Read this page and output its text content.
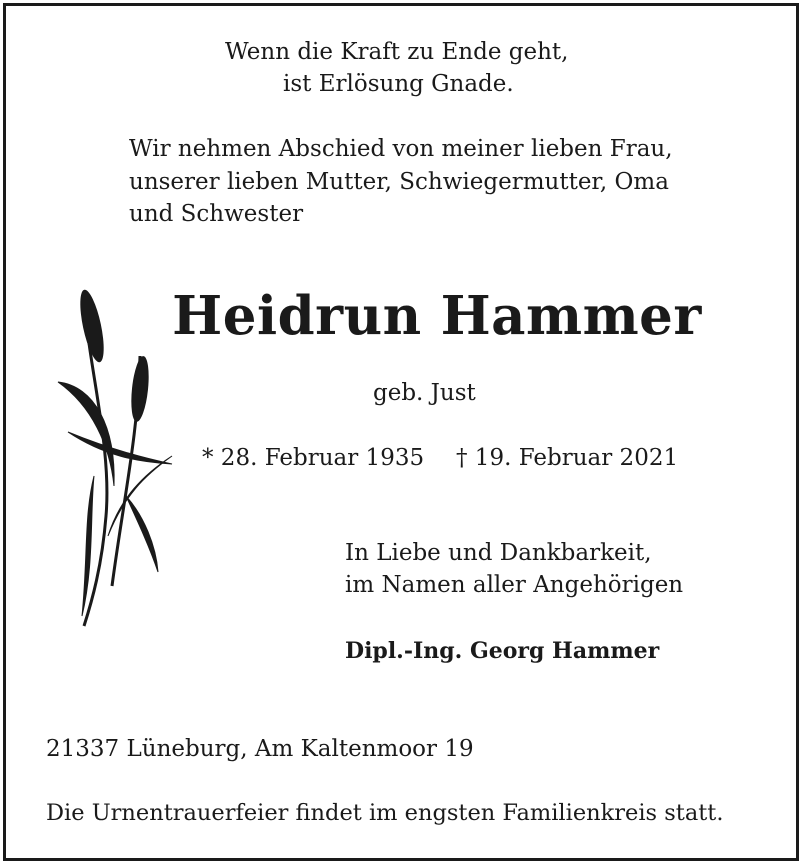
Wenn die Kraft zu Ende geht,
ist Erlösung Gnade.
Wir nehmen Abschied von meiner lieben Frau,
unserer lieben Mutter, Schwiegermutter, Oma
und Schwester
Heidrun Hammer
geb. Just
* 28. Februar 1935 † 19. Februar 2021
In Liebe und Dankbarkeit,
im Namen aller Angehörigen
Dipl.-Ing. Georg Hammer
21337 Lüneburg, Am Kaltenmoor 19
Die Urnentrauerfeier findet im engsten Familienkreis statt.
